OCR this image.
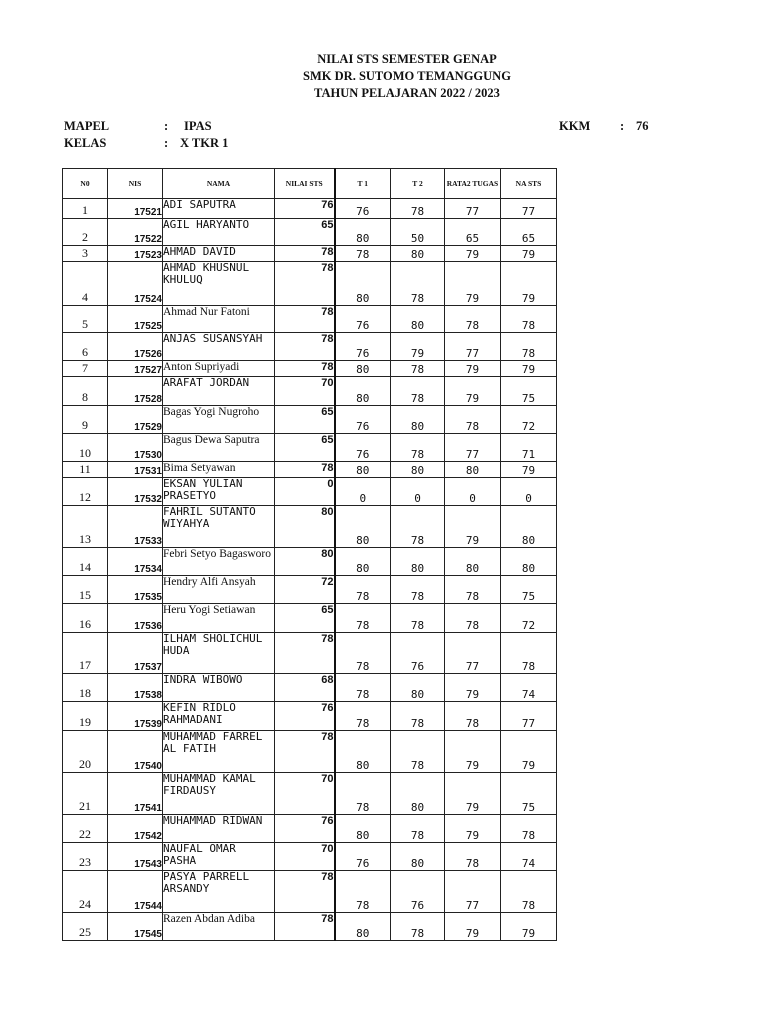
NILAI STS SEMESTER GENAP
SMK DR. SUTOMO TEMANGGUNG
TAHUN PELAJARAN 2022 / 2023
MAPEL	: IPAS
KELAS	: X TKR 1
KKM : 76
N0	NIS	NAMA	NILAI STS	T 1	T 2	RATA2 TUGAS	NA STS
1	17521	ADI SAPUTRA	76	76	78	77	77
2	17522	AGIL HARYANTO	65	80	50	65	65
3	17523	AHMAD DAVID	78	78	80	79	79
4	17524	AHMAD KHUSNUL KHULUQ	78	80	78	79	79
5	17525	Ahmad Nur Fatoni	78	76	80	78	78
6	17526	ANJAS SUSANSYAH	78	76	79	77	78
7	17527	Anton Supriyadi	78	80	78	79	79
8	17528	ARAFAT JORDAN	70	80	78	79	75
9	17529	Bagas Yogi Nugroho	65	76	80	78	72
10	17530	Bagus Dewa Saputra	65	76	78	77	71
11	17531	Bima Setyawan	78	80	80	80	79
12	17532	EKSAN YULIAN PRASETYO	0	0	0	0	0
13	17533	FAHRIL SUTANTO WIYAHYA	80	80	78	79	80
14	17534	Febri Setyo Bagasworo	80	80	80	80	80
15	17535	Hendry Alfi Ansyah	72	78	78	78	75
16	17536	Heru Yogi Setiawan	65	78	78	78	72
17	17537	ILHAM SHOLICHUL HUDA	78	78	76	77	78
18	17538	INDRA WIBOWO	68	78	80	79	74
19	17539	KEFIN RIDLO RAHMADANI	76	78	78	78	77
20	17540	MUHAMMAD FARREL AL FATIH	78	80	78	79	79
21	17541	MUHAMMAD KAMAL FIRDAUSY	70	78	80	79	75
22	17542	MUHAMMAD RIDWAN	76	80	78	79	78
23	17543	NAUFAL OMAR PASHA	70	76	80	78	74
24	17544	PASYA PARRELL ARSANDY	78	78	76	77	78
25	17545	Razen Abdan Adiba	78	80	78	79	79
